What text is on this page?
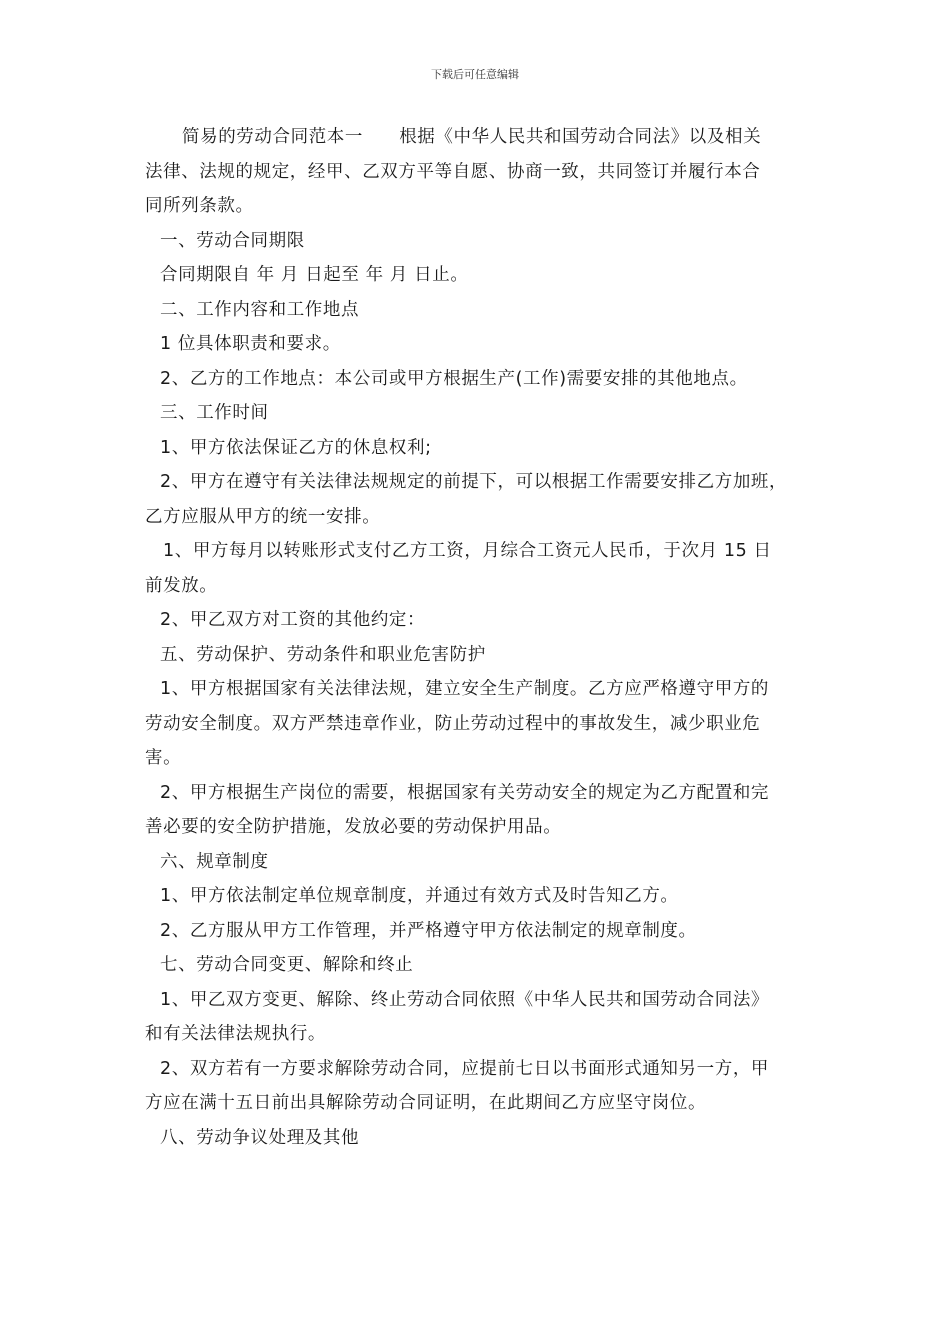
下载后可任意编辑
简易的劳动合同范本一　　根据《中华人民共和国劳动合同法》以及相关
法律、法规的规定，经甲、乙双方平等自愿、协商一致，共同签订并履行本合
同所列条款。
一、劳动合同期限
合同期限自 年 月 日起至 年 月 日止。
二、工作内容和工作地点
1 位具体职责和要求。
2、乙方的工作地点：本公司或甲方根据生产(工作)需要安排的其他地点。
三、工作时间
1、甲方依法保证乙方的休息权利;
2、甲方在遵守有关法律法规规定的前提下，可以根据工作需要安排乙方加班，
乙方应服从甲方的统一安排。
1、甲方每月以转账形式支付乙方工资，月综合工资元人民币，于次月 15 日
前发放。
2、甲乙双方对工资的其他约定：
五、劳动保护、劳动条件和职业危害防护
1、甲方根据国家有关法律法规，建立安全生产制度。乙方应严格遵守甲方的
劳动安全制度。双方严禁违章作业，防止劳动过程中的事故发生，减少职业危
害。
2、甲方根据生产岗位的需要，根据国家有关劳动安全的规定为乙方配置和完
善必要的安全防护措施，发放必要的劳动保护用品。
六、规章制度
1、甲方依法制定单位规章制度，并通过有效方式及时告知乙方。
2、乙方服从甲方工作管理，并严格遵守甲方依法制定的规章制度。
七、劳动合同变更、解除和终止
1、甲乙双方变更、解除、终止劳动合同依照《中华人民共和国劳动合同法》
和有关法律法规执行。
2、双方若有一方要求解除劳动合同，应提前七日以书面形式通知另一方，甲
方应在满十五日前出具解除劳动合同证明，在此期间乙方应坚守岗位。
八、劳动争议处理及其他
